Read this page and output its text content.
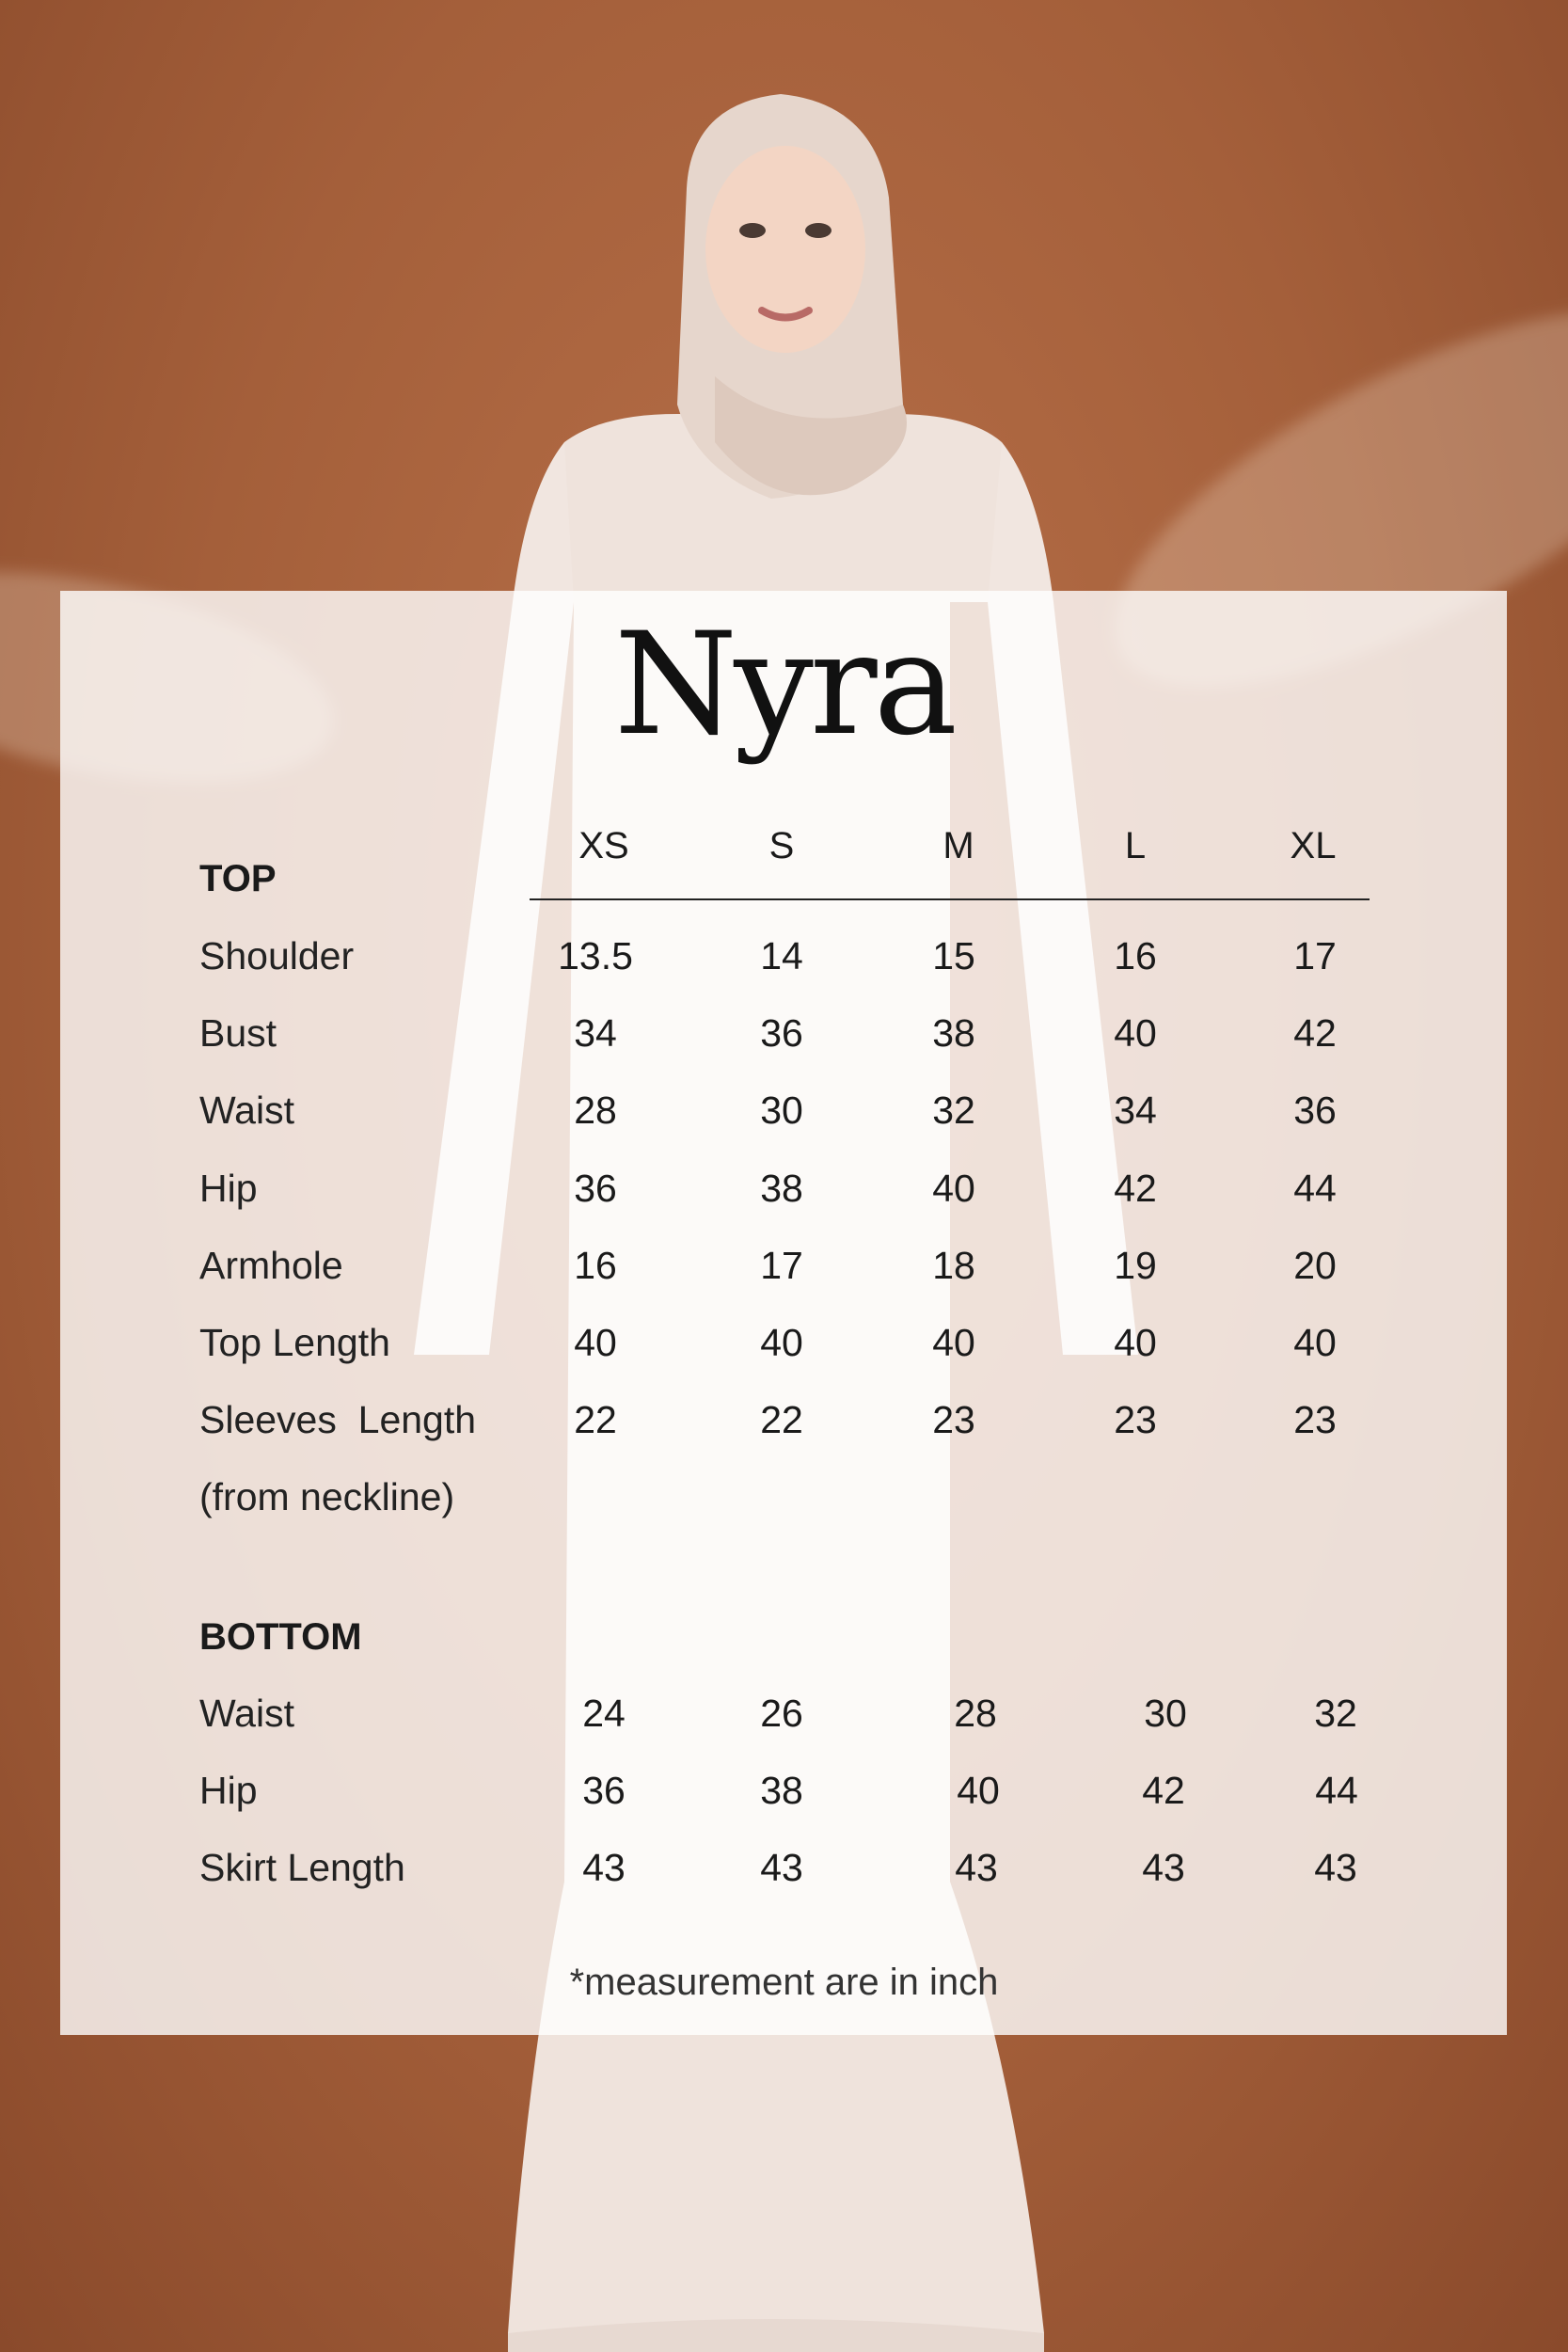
Nyra
XS	S	M	L	XL
TOP
Shoulder	13.5	14	15	16	17
Bust	34	36	38	40	42
Waist	28	30	32	34	36
Hip	36	38	40	42	44
Armhole	16	17	18	19	20
Top Length	40	40	40	40	40
Sleeves  Length	22	22	23	23	23
(from neckline)
BOTTOM
Waist	24	26	28	30	32
Hip	36	38	40	42	44
Skirt Length	43	43	43	43	43
*measurement are in inch
